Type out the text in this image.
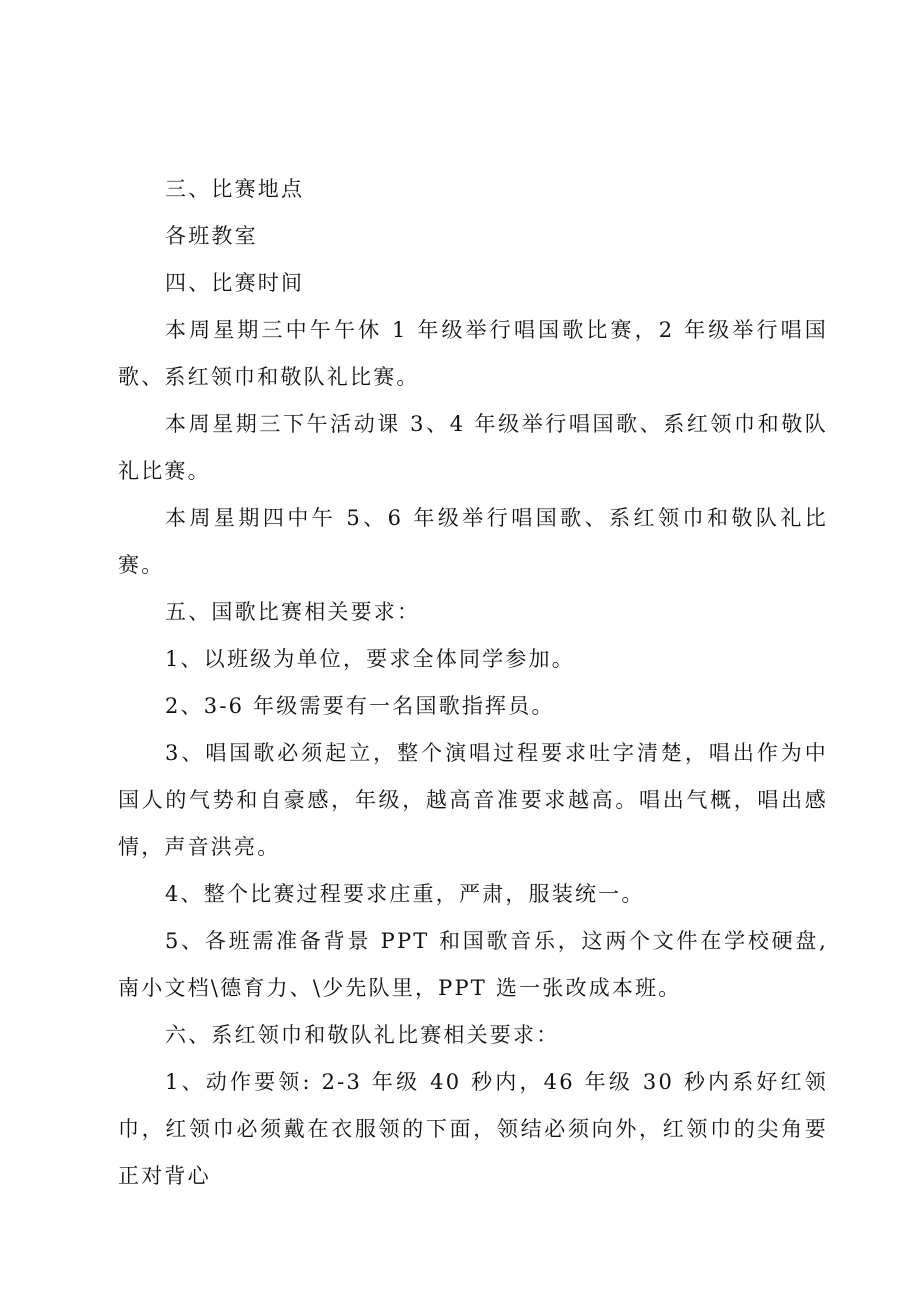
三、比赛地点

各班教室

四、比赛时间

本周星期三中午午休 1 年级举行唱国歌比赛，2 年级举行唱国歌、系红领巾和敬队礼比赛。

本周星期三下午活动课 3、4 年级举行唱国歌、系红领巾和敬队礼比赛。

本周星期四中午 5、6 年级举行唱国歌、系红领巾和敬队礼比赛。

五、国歌比赛相关要求：

1、以班级为单位，要求全体同学参加。

2、3-6 年级需要有一名国歌指挥员。

3、唱国歌必须起立，整个演唱过程要求吐字清楚，唱出作为中国人的气势和自豪感，年级，越高音准要求越高。唱出气概，唱出感情，声音洪亮。

4、整个比赛过程要求庄重，严肃，服装统一。

5、各班需准备背景 PPT 和国歌音乐，这两个文件在学校硬盘,南小文档\德育力、\少先队里，PPT 选一张改成本班。

六、系红领巾和敬队礼比赛相关要求：

1、动作要领: 2-3 年级 40 秒内，46 年级 30 秒内系好红领巾，红领巾必须戴在衣服领的下面，领结必须向外，红领巾的尖角要正对背心
